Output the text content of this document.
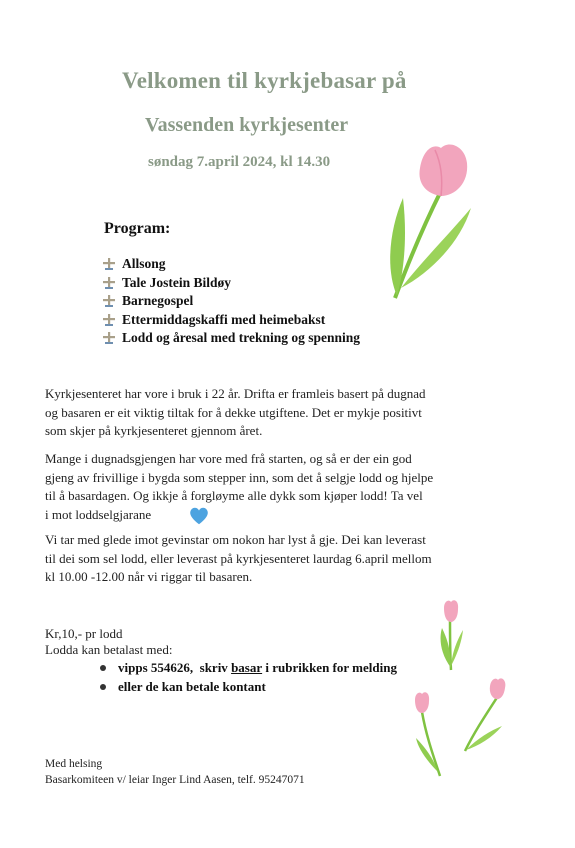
Velkomen til kyrkjebasar på
Vassenden kyrkjesenter
søndag 7.april 2024, kl 14.30
Program:
Allsong
Tale Jostein Bildøy
Barnegospel
Ettermiddagskaffi med heimebakst
Lodd og åresal med trekning og spenning
Kyrkjesenteret har vore i bruk i 22 år. Drifta er framleis basert på dugnad
og basaren er eit viktig tiltak for å dekke utgiftene. Det er mykje positivt
som skjer på kyrkjesenteret gjennom året.
Mange i dugnadsgjengen har vore med frå starten, og så er der ein god
gjeng av frivillige i bygda som stepper inn, som det å selgje lodd og hjelpe
til å basardagen. Og ikkje å forgløyme alle dykk som kjøper lodd! Ta vel
i mot loddselgjarane
Vi tar med glede imot gevinstar om nokon har lyst å gje. Dei kan leverast
til dei som sel lodd, eller leverast på kyrkjesenteret laurdag 6.april mellom
kl 10.00 -12.00 når vi riggar til basaren.
Kr,10,- pr lodd
Lodda kan betalast med:
vipps 554626,  skriv basar i rubrikken for melding
eller de kan betale kontant
Med helsing
Basarkomiteen v/ leiar Inger Lind Aasen, telf. 95247071
